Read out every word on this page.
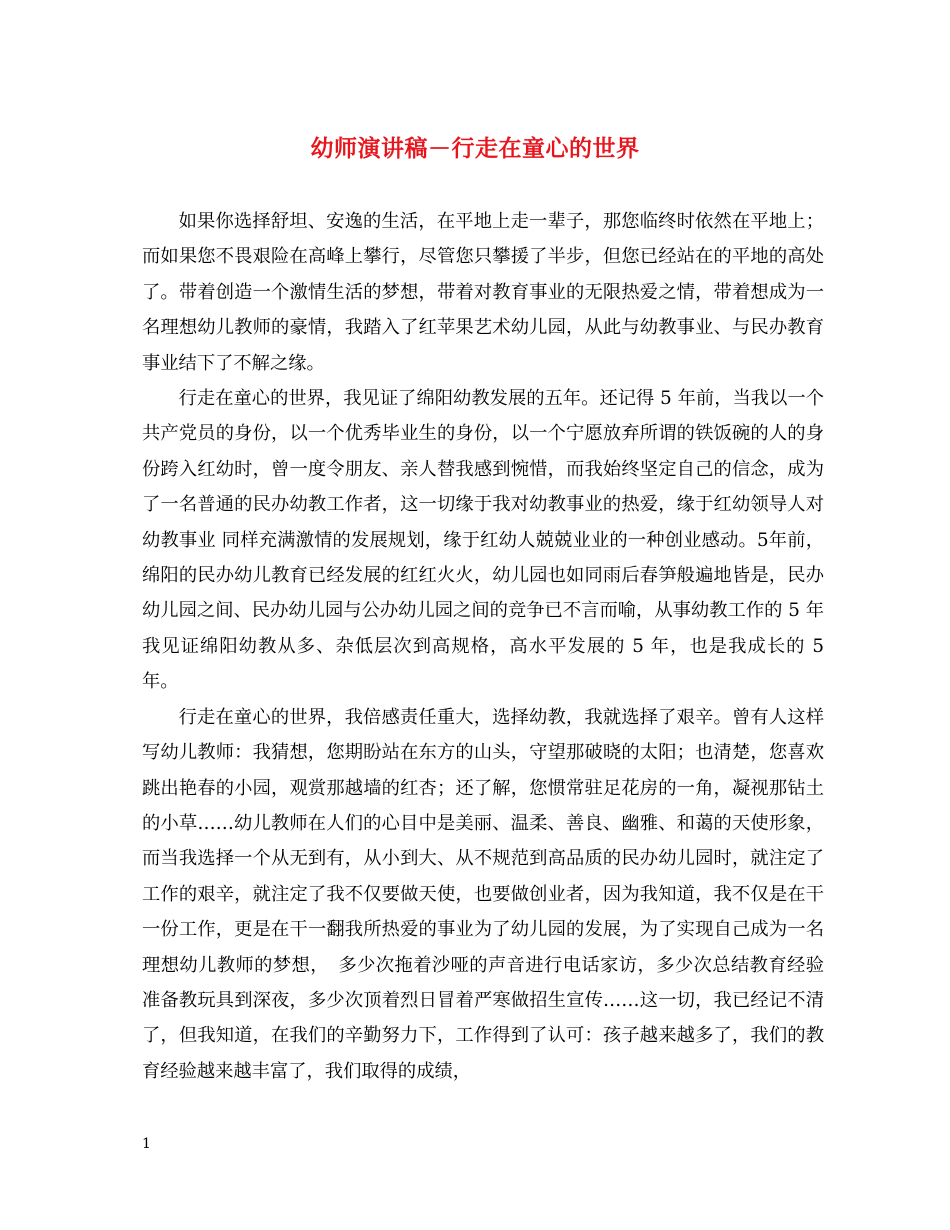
幼师演讲稿－行走在童心的世界

如果你选择舒坦、安逸的生活，在平地上走一辈子，那您临终时依然在平地上；而如果您不畏艰险在高峰上攀行，尽管您只攀援了半步，但您已经站在的平地的高处了。带着创造一个激情生活的梦想，带着对教育事业的无限热爱之情，带着想成为一名理想幼儿教师的豪情，我踏入了红苹果艺术幼儿园，从此与幼教事业、与民办教育事业结下了不解之缘。

行走在童心的世界，我见证了绵阳幼教发展的五年。还记得 5 年前，当我以一个共产党员的身份，以一个优秀毕业生的身份，以一个宁愿放弃所谓的铁饭碗的人的身份跨入红幼时，曾一度令朋友、亲人替我感到惋惜，而我始终坚定自己的信念，成为了一名普通的民办幼教工作者，这一切缘于我对幼教事业的热爱，缘于红幼领导人对幼教事业 同样充满激情的发展规划，缘于红幼人兢兢业业的一种创业感动。5年前，绵阳的民办幼儿教育已经发展的红红火火，幼儿园也如同雨后春笋般遍地皆是，民办幼儿园之间、民办幼儿园与公办幼儿园之间的竞争已不言而喻，从事幼教工作的 5 年我见证绵阳幼教从多、杂低层次到高规格，高水平发展的 5 年，也是我成长的 5 年。

行走在童心的世界，我倍感责任重大，选择幼教，我就选择了艰辛。曾有人这样写幼儿教师：我猜想，您期盼站在东方的山头，守望那破晓的太阳；也清楚，您喜欢跳出艳春的小园，观赏那越墙的红杏；还了解，您惯常驻足花房的一角，凝视那钻土的小草……幼儿教师在人们的心目中是美丽、温柔、善良、幽雅、和蔼的天使形象，而当我选择一个从无到有，从小到大、从不规范到高品质的民办幼儿园时，就注定了工作的艰辛，就注定了我不仅要做天使，也要做创业者，因为我知道，我不仅是在干一份工作，更是在干一翻我所热爱的事业为了幼儿园的发展，为了实现自己成为一名理想幼儿教师的梦想，　多少次拖着沙哑的声音进行电话家访，多少次总结教育经验准备教玩具到深夜，多少次顶着烈日冒着严寒做招生宣传……这一切，我已经记不清了，但我知道，在我们的辛勤努力下，工作得到了认可：孩子越来越多了，我们的教育经验越来越丰富了，我们取得的成绩，

1
